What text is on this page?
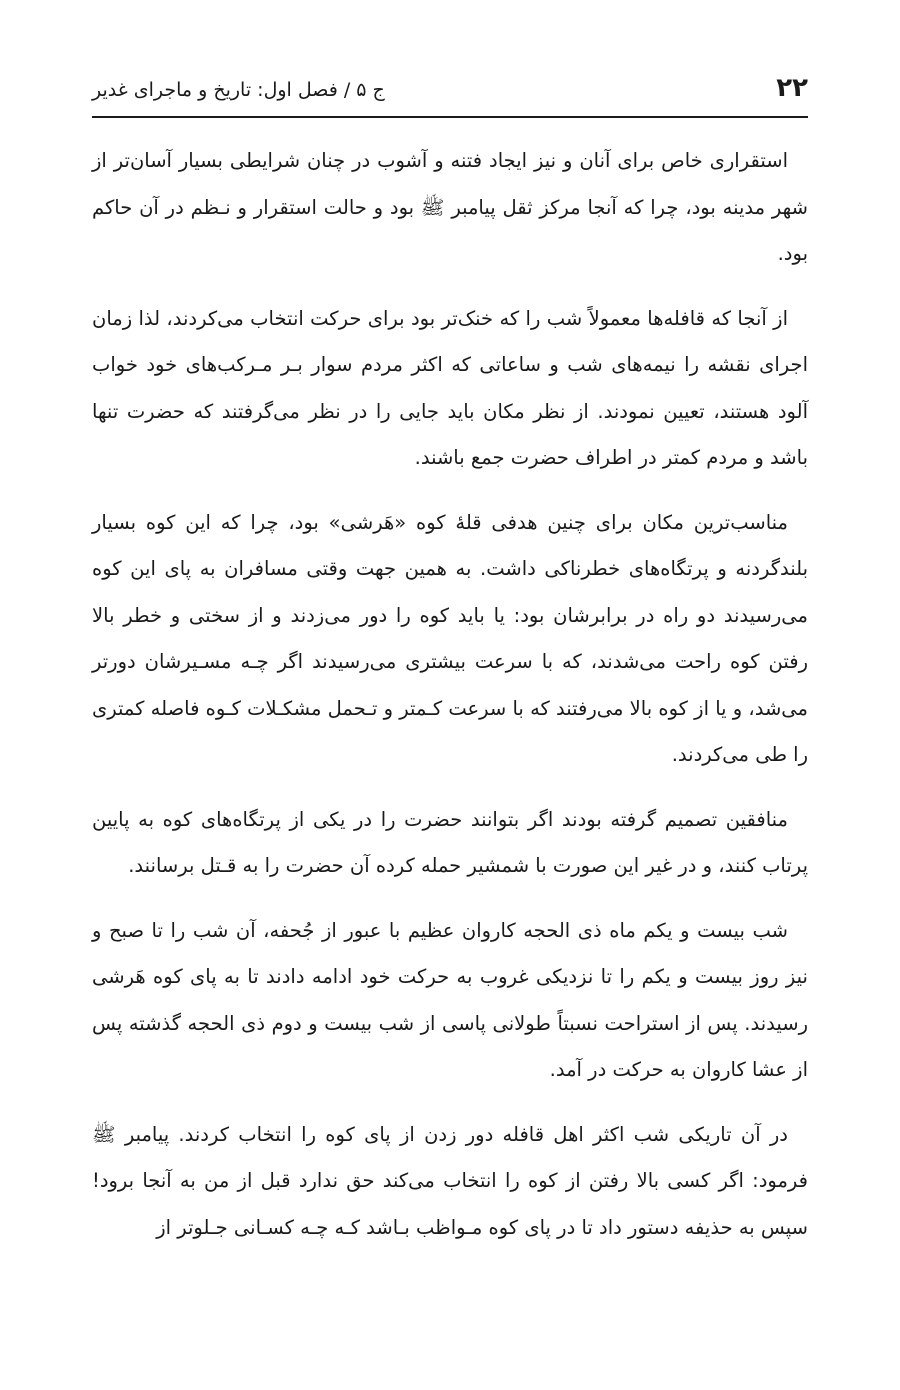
۲۲
ج ۵ / فصل اول: تاریخ و ماجرای غدیر

استقراری خاص برای آنان و نیز ایجاد فتنه و آشوب در چنان شرایطی بسیار آسان‌تر از شهر مدینه بود، چرا که آنجا مرکز ثقل پیامبر ﷺ بود و حالت استقرار و نـظم در آن حاکم بود.

از آنجا که قافله‌ها معمولاً شب را که خنک‌تر بود برای حرکت انتخاب می‌کردند، لذا زمان اجرای نقشه را نیمه‌های شب و ساعاتی که اکثر مردم سوار بـر مـرکب‌های خود خواب آلود هستند، تعیین نمودند. از نظر مکان باید جایی را در نظر می‌گرفتند که حضرت تنها باشد و مردم کمتر در اطراف حضرت جمع باشند.

مناسب‌ترین مکان برای چنین هدفی قلهٔ کوه «هَرشی» بود، چرا که این کوه بسیار بلندگردنه و پرتگاه‌های خطرناکی داشت. به همین جهت وقتی مسافران به پای این کوه می‌رسیدند دو راه در برابرشان بود: یا باید کوه را دور می‌زدند و از سختی و خطر بالا رفتن کوه راحت می‌شدند، که با سرعت بیشتری می‌رسیدند اگر چـه مسـیرشان دورتر می‌شد، و یا از کوه بالا می‌رفتند که با سرعت کـمتر و تـحمل مشکـلات کـوه فاصله کمتری را طی می‌کردند.

منافقین تصمیم گرفته بودند اگر بتوانند حضرت را در یکی از پرتگاه‌های کوه به پایین پرتاب کنند، و در غیر این صورت با شمشیر حمله کرده آن حضرت را به قـتل برسانند.

شب بیست و یکم ماه ذی الحجه کاروان عظیم با عبور از جُحفه، آن شب را تا صبح و نیز روز بیست و یکم را تا نزدیکی غروب به حرکت خود ادامه دادند تا به پای کوه هَرشی رسیدند. پس از استراحت نسبتاً طولانی پاسی از شب بیست و دوم ذی الحجه گذشته پس از عشا کاروان به حرکت در آمد.

در آن تاریکی شب اکثر اهل قافله دور زدن از پای کوه را انتخاب کردند. پیامبر ﷺ فرمود: اگر کسی بالا رفتن از کوه را انتخاب می‌کند حق ندارد قبل از من به آنجا برود! سپس به حذیفه دستور داد تا در پای کوه مـواظب بـاشد کـه چـه کسـانی جـلوتر از
